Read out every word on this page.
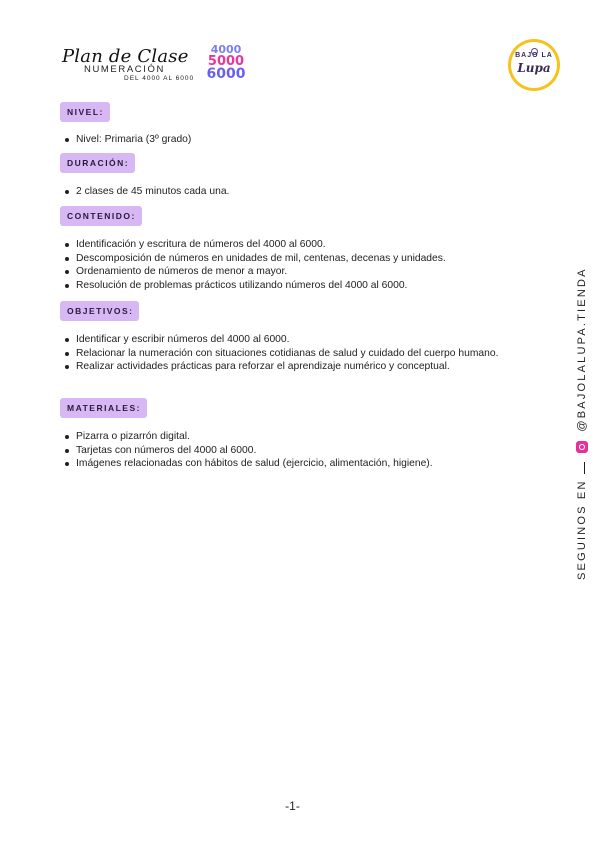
Plan de Clase
NUMERACIÓN
DEL 4000 AL 6000
4000
5000
6000
BAJO LA
Lupa
NIVEL:
Nivel: Primaria (3º grado)
DURACIÓN:
2 clases de 45 minutos cada una.
CONTENIDO:
Identificación y escritura de números del 4000 al 6000.
Descomposición de números en unidades de mil, centenas, decenas y unidades.
Ordenamiento de números de menor a mayor.
Resolución de problemas prácticos utilizando números del 4000 al 6000.
OBJETIVOS:
Identificar y escribir números del 4000 al 6000.
Relacionar la numeración con situaciones cotidianas de salud y cuidado del cuerpo humano.
Realizar actividades prácticas para reforzar el aprendizaje numérico y conceptual.
MATERIALES:
Pizarra o pizarrón digital.
Tarjetas con números del 4000 al 6000.
Imágenes relacionadas con hábitos de salud (ejercicio, alimentación, higiene).
SEGUINOS EN   @BAJOLALUPA.TIENDA
-1-
